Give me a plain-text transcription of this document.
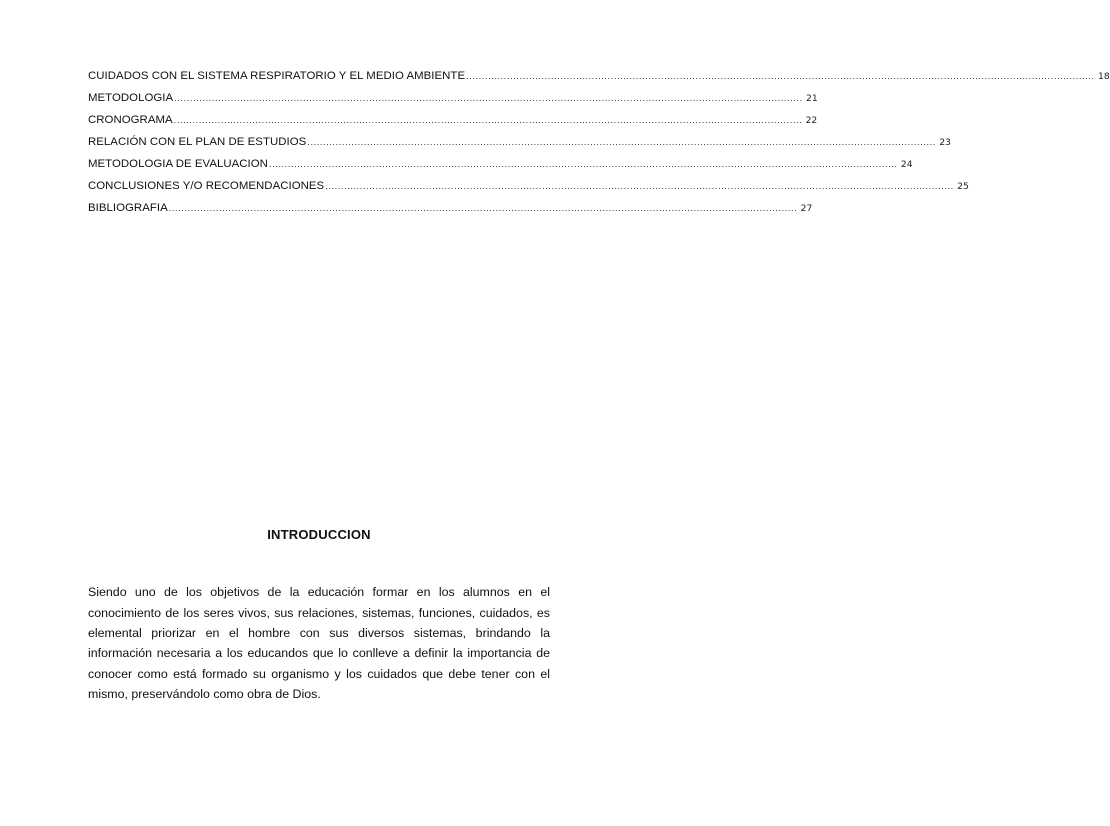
CUIDADOS CON EL SISTEMA RESPIRATORIO Y EL MEDIO AMBIENTE ........................................................................................................................................................................................................ 18
METODOLOGIA ........................................................................................................................................................................................................ 21
CRONOGRAMA ........................................................................................................................................................................................................ 22
RELACIÓN CON EL PLAN DE ESTUDIOS ........................................................................................................................................................................................................ 23
METODOLOGIA DE EVALUACION ........................................................................................................................................................................................................ 24
CONCLUSIONES Y/O RECOMENDACIONES ........................................................................................................................................................................................................ 25
BIBLIOGRAFIA ........................................................................................................................................................................................................ 27
INTRODUCCION

Siendo uno de los objetivos de la educación formar en los alumnos en el conocimiento de los seres vivos, sus relaciones, sistemas, funciones, cuidados, es elemental priorizar en el hombre con sus diversos sistemas, brindando la información necesaria a los educandos que lo conlleve a definir la importancia de conocer como está formado su organismo y los cuidados que debe tener con el mismo, preservándolo como obra de Dios.
